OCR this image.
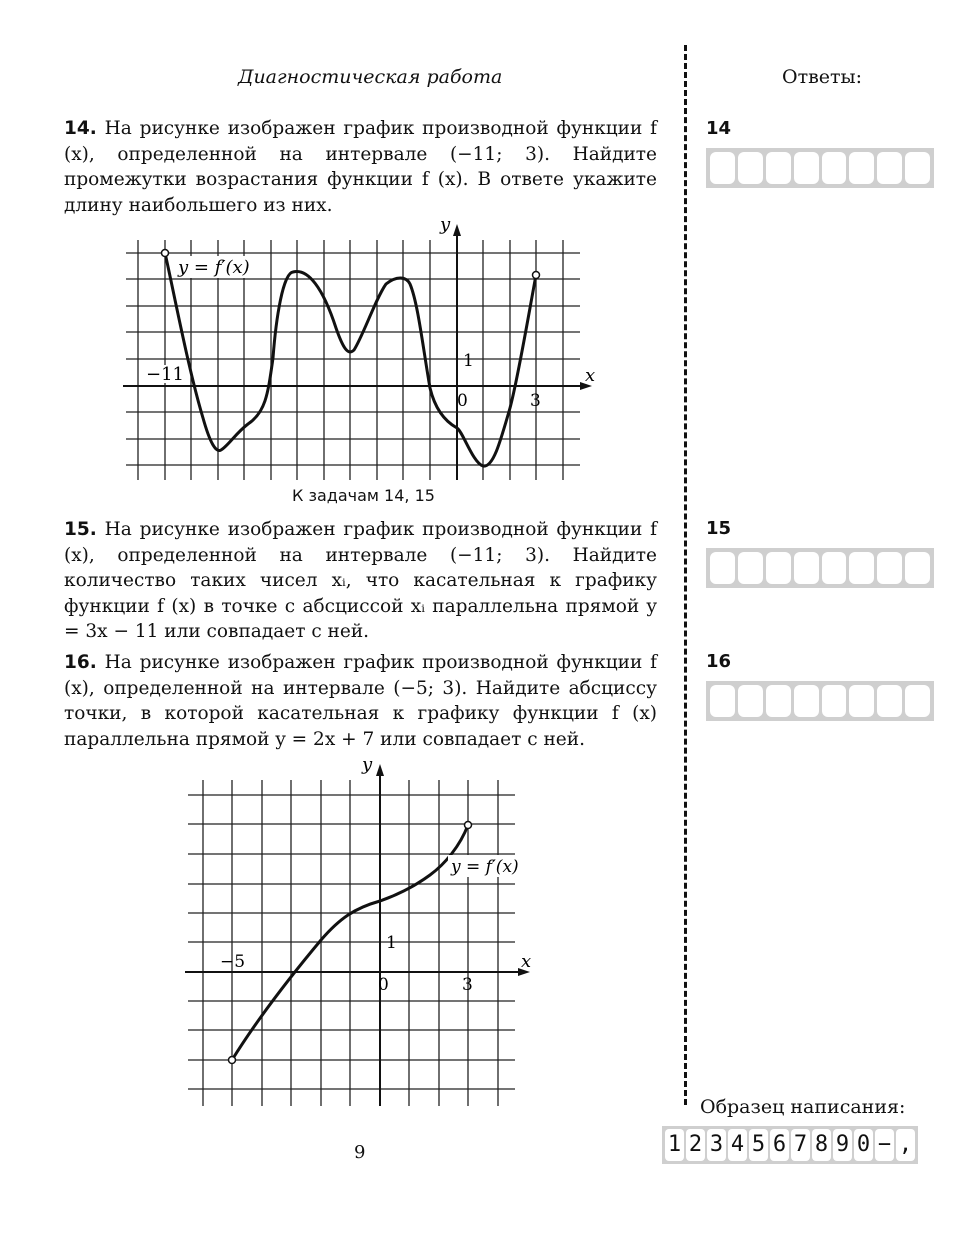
Диагностическая работа	Ответы:
14. На рисунке изображен график производной функции f (x), определенной на интервале (−11; 3). Найдите промежутки возрастания функции f (x). В ответе укажите длину наибольшего из них.
y = f′(x)
−11
0	3
1
x
y
К задачам 14, 15
15. На рисунке изображен график производной функции f (x), определенной на интервале (−11; 3). Найдите количество таких чисел xᵢ, что касательная к графику функции f (x) в точке с абсциссой xᵢ параллельна прямой y = 3x − 11 или совпадает с ней.
16. На рисунке изображен график производной функции f (x), определенной на интервале (−5; 3). Найдите абсциссу точки, в которой касательная к графику функции f (x) параллельна прямой y = 2x + 7 или совпадает с ней.
y = f′(x)
−5
0	3
1
x
y
14
15
16
9
Образец написания:
1 2 3 4 5 6 7 8 9 0 − ,
